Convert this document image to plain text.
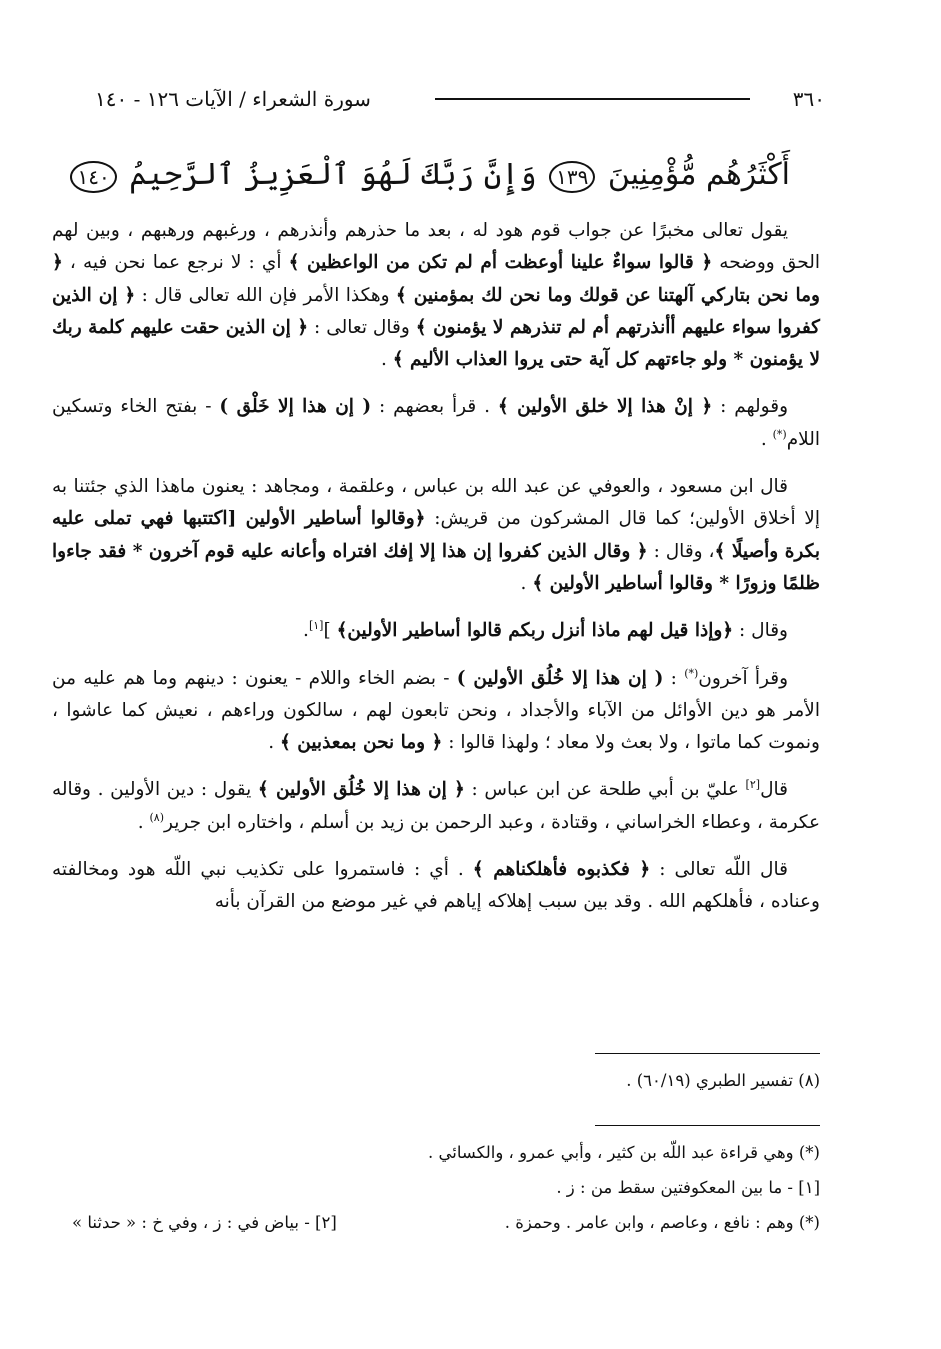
٣٦٠
سورة الشعراء / الآيات ١٢٦ - ١٤٠
أَكْثَرُهُم مُّؤْمِنِينَ ١٣٩ وَإِنَّ رَبَّكَ لَهُوَ ٱلْعَزِيزُ ٱلرَّحِيمُ ١٤٠

يقول تعالى مخبرًا عن جواب قوم هود له ، بعد ما حذرهم وأنذرهم ، ورغبهم ورهبهم ، وبين لهم الحق ووضحه ﴿ قالوا سواءٌ علينا أوعظت أم لم تكن من الواعظين ﴾ أي : لا نرجع عما نحن فيه ، ﴿ وما نحن بتاركي آلهتنا عن قولك وما نحن لك بمؤمنين ﴾ وهكذا الأمر فإن الله تعالى قال : ﴿ إن الذين كفروا سواء عليهم أأنذرتهم أم لم تنذرهم لا يؤمنون ﴾ وقال تعالى : ﴿ إن الذين حقت عليهم كلمة ربك لا يؤمنون * ولو جاءتهم كل آية حتى يروا العذاب الأليم ﴾ .

وقولهم : ﴿ إنْ هذا إلا خلق الأولين ﴾ . قرأ بعضهم : ( إن هذا إلا خَلْق ) - بفتح الخاء وتسكين اللام(*) .

قال ابن مسعود ، والعوفي عن عبد الله بن عباس ، وعلقمة ، ومجاهد : يعنون ماهذا الذي جئتنا به إلا أخلاق الأولين؛ كما قال المشركون من قريش: ﴿وقالوا أساطير الأولين [اكتتبها فهي تملى عليه بكرة وأصيلًا ﴾، وقال : ﴿ وقال الذين كفروا إن هذا إلا إفك افتراه وأعانه عليه قوم آخرون * فقد جاءوا ظلمًا وزورًا * وقالوا أساطير الأولين ﴾ .

وقال : ﴿وإذا قيل لهم ماذا أنزل ربكم قالوا أساطير الأولين﴾ ][١].

وقرأ آخرون(*) : ( إن هذا إلا خُلُق الأولين ) - بضم الخاء واللام - يعنون : دينهم وما هم عليه من الأمر هو دين الأوائل من الآباء والأجداد ، ونحن تابعون لهم ، سالكون وراءهم ، نعيش كما عاشوا ، ونموت كما ماتوا ، ولا بعث ولا معاد ؛ ولهذا قالوا : ﴿ وما نحن بمعذبين ﴾ .

قال[٢] عليّ بن أبي طلحة عن ابن عباس : ﴿ إن هذا إلا خُلُق الأولين ﴾ يقول : دين الأولين . وقاله عكرمة ، وعطاء الخراساني ، وقتادة ، وعبد الرحمن بن زيد بن أسلم ، واختاره ابن جرير$^{(٨)}$ .

قال اللّه تعالى : ﴿ فكذبوه فأهلكناهم ﴾ . أي : فاستمروا على تكذيب نبي اللّه هود ومخالفته وعناده ، فأهلكهم الله . وقد بين سبب إهلاكه إياهم في غير موضع من القرآن بأنه

(٨) تفسير الطبري (٦٠/١٩) .
(*) وهي قراءة عبد اللّه بن كثير ، وأبي عمرو ، والكسائي .
[١] - ما بين المعكوفتين سقط من : ز .
(*) وهم : نافع ، وعاصم ، وابن عامر . وحمزة .
[٢] - بياض في : ز ، وفي خ : « حدثنا »
